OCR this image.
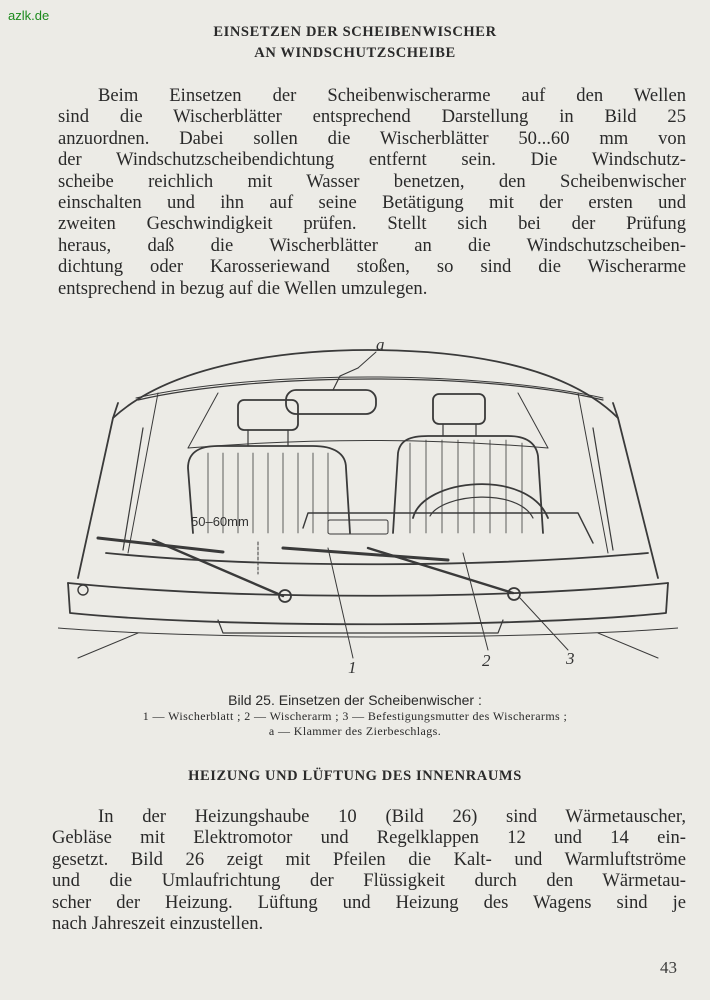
azlk.de
EINSETZEN DER SCHEIBENWISCHER
AN WINDSCHUTZSCHEIBE
Beim Einsetzen der Scheibenwischerarme auf den Wellen
sind die Wischerblätter entsprechend Darstellung in Bild 25
anzuordnen. Dabei sollen die Wischerblätter 50...60 mm von
der Windschutzscheibendichtung entfernt sein. Die Windschutz-
scheibe reichlich mit Wasser benetzen, den Scheibenwischer
einschalten und ihn auf seine Betätigung mit der ersten und
zweiten Geschwindigkeit prüfen. Stellt sich bei der Prüfung
heraus, daß die Wischerblätter an die Windschutzscheiben-
dichtung oder Karosseriewand stoßen, so sind die Wischerarme
entsprechend in bezug auf die Wellen umzulegen.
50–60mm
a
1	2	3
Bild 25. Einsetzen der Scheibenwischer :
1 — Wischerblatt ; 2 — Wischerarm ; 3 — Befestigungsmutter des Wischerarms ;
a — Klammer des Zierbeschlags.
HEIZUNG UND LÜFTUNG DES INNENRAUMS
In der Heizungshaube 10 (Bild 26) sind Wärmetauscher,
Gebläse mit Elektromotor und Regelklappen 12 und 14 ein-
gesetzt. Bild 26 zeigt mit Pfeilen die Kalt- und Warmluftströme
und die Umlaufrichtung der Flüssigkeit durch den Wärmetau-
scher der Heizung. Lüftung und Heizung des Wagens sind je
nach Jahreszeit einzustellen.
43
